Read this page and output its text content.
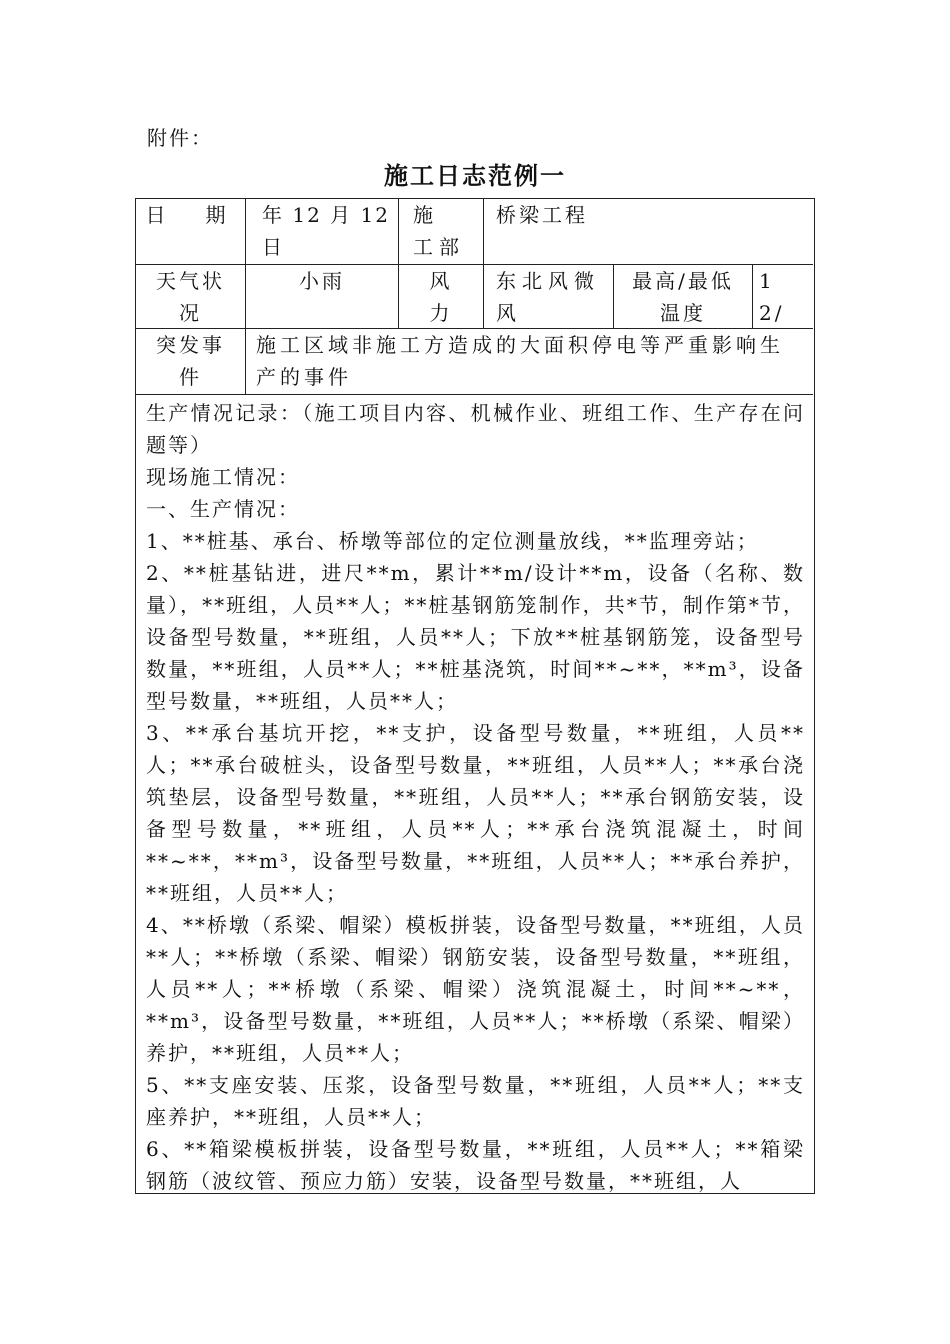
附件：
施工日志范例一
日　期	年 12 月 12 日
施　工部
桥梁工程
天气状况
小雨	风　力
东北风微风
最高/最低温度
12/
突发事件
施工区域非施工方造成的大面积停电等严重影响生产的事件

生产情况记录：（施工项目内容、机械作业、班组工作、生产存在问题等）

现场施工情况：

一、生产情况：

1、**桩基、承台、桥墩等部位的定位测量放线，**监理旁站；

2、**桩基钻进，进尺**m，累计**m/设计**m，设备（名称、数量），**班组，人员**人；**桩基钢筋笼制作，共*节，制作第*节，设备型号数量，**班组，人员**人；下放**桩基钢筋笼，设备型号数量，**班组，人员**人；**桩基浇筑，时间**~**，**m³，设备型号数量，**班组，人员**人；

3、**承台基坑开挖，**支护，设备型号数量，**班组，人员**人；**承台破桩头，设备型号数量，**班组，人员**人；**承台浇筑垫层，设备型号数量，**班组，人员**人；**承台钢筋安装，设备型号数量，**班组，人员**人；**承台浇筑混凝土，时间**~**，**m³，设备型号数量，**班组，人员**人；**承台养护，**班组，人员**人；

4、**桥墩（系梁、帽梁）模板拼装，设备型号数量，**班组，人员**人；**桥墩（系梁、帽梁）钢筋安装，设备型号数量，**班组，人员**人；**桥墩（系梁、帽梁）浇筑混凝土，时间**~**，**m³，设备型号数量，**班组，人员**人；**桥墩（系梁、帽梁）养护，**班组，人员**人；

5、**支座安装、压浆，设备型号数量，**班组，人员**人；**支座养护，**班组，人员**人；

6、**箱梁模板拼装，设备型号数量，**班组，人员**人；**箱梁钢筋（波纹管、预应力筋）安装，设备型号数量，**班组，人
